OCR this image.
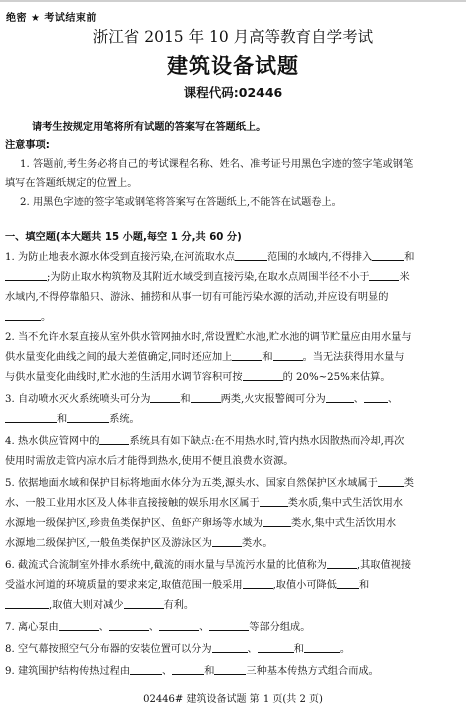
绝密 ★ 考试结束前
浙江省 2015 年 10 月高等教育自学考试
建筑设备试题
课程代码:02446
请考生按规定用笔将所有试题的答案写在答题纸上。
注意事项:
1. 答题前,考生务必将自己的考试课程名称、姓名、准考证号用黑色字迹的签字笔或钢笔
填写在答题纸规定的位置上。
2. 用黑色字迹的签字笔或钢笔将答案写在答题纸上,不能答在试题卷上。
一、填空题(本大题共 15 小题,每空 1 分,共 60 分)
1. 为防止地表水源水体受到直接污染,在河流取水点	范围的水域内,不得排入	和
;为防止取水构筑物及其附近水域受到直接污染,在取水点周围半径不小于	米
水域内,不得停靠船只、游泳、捕捞和从事一切有可能污染水源的活动,并应设有明显的
。
2. 当不允许水泵直接从室外供水管网抽水时,常设置贮水池,贮水池的调节贮量应由用水量与
供水量变化曲线之间的最大差值确定,同时还应加上	和	。当无法获得用水量与
与供水量变化曲线时,贮水池的生活用水调节容积可按	的 20%~25%来估算。
3. 自动喷水灭火系统喷头可分为	和	两类,火灾报警阀可分为	、 、
和	系统。
4. 热水供应管网中的	系统具有如下缺点:在不用热水时,管内热水因散热而冷却,再次
使用时需放走管内凉水后才能得到热水,使用不便且浪费水资源。
5. 依据地面水域和保护目标将地面水体分为五类,源头水、国家自然保护区水域属于	类
水、一般工业用水区及人体非直接接触的娱乐用水区属于	类水质,集中式生活饮用水
水源地一级保护区,珍贵鱼类保护区、鱼虾产卵场等水域为	类水,集中式生活饮用水
水源地二级保护区,一般鱼类保护区及游泳区为	类水。
6. 截流式合流制室外排水系统中,截流的雨水量与旱流污水量的比值称为	,其取值视接
受溢水河道的环境质量的要求来定,取值范围一般采用	,取值小可降低 和
,取值大则对减少	有利。
7. 离心泵由	、	、	、	等部分组成。
8. 空气幕按照空气分布器的安装位置可以分为	、	和	。
9. 建筑围护结构传热过程由	、	和	三种基本传热方式组合而成。
02446# 建筑设备试题 第 1 页(共 2 页)
